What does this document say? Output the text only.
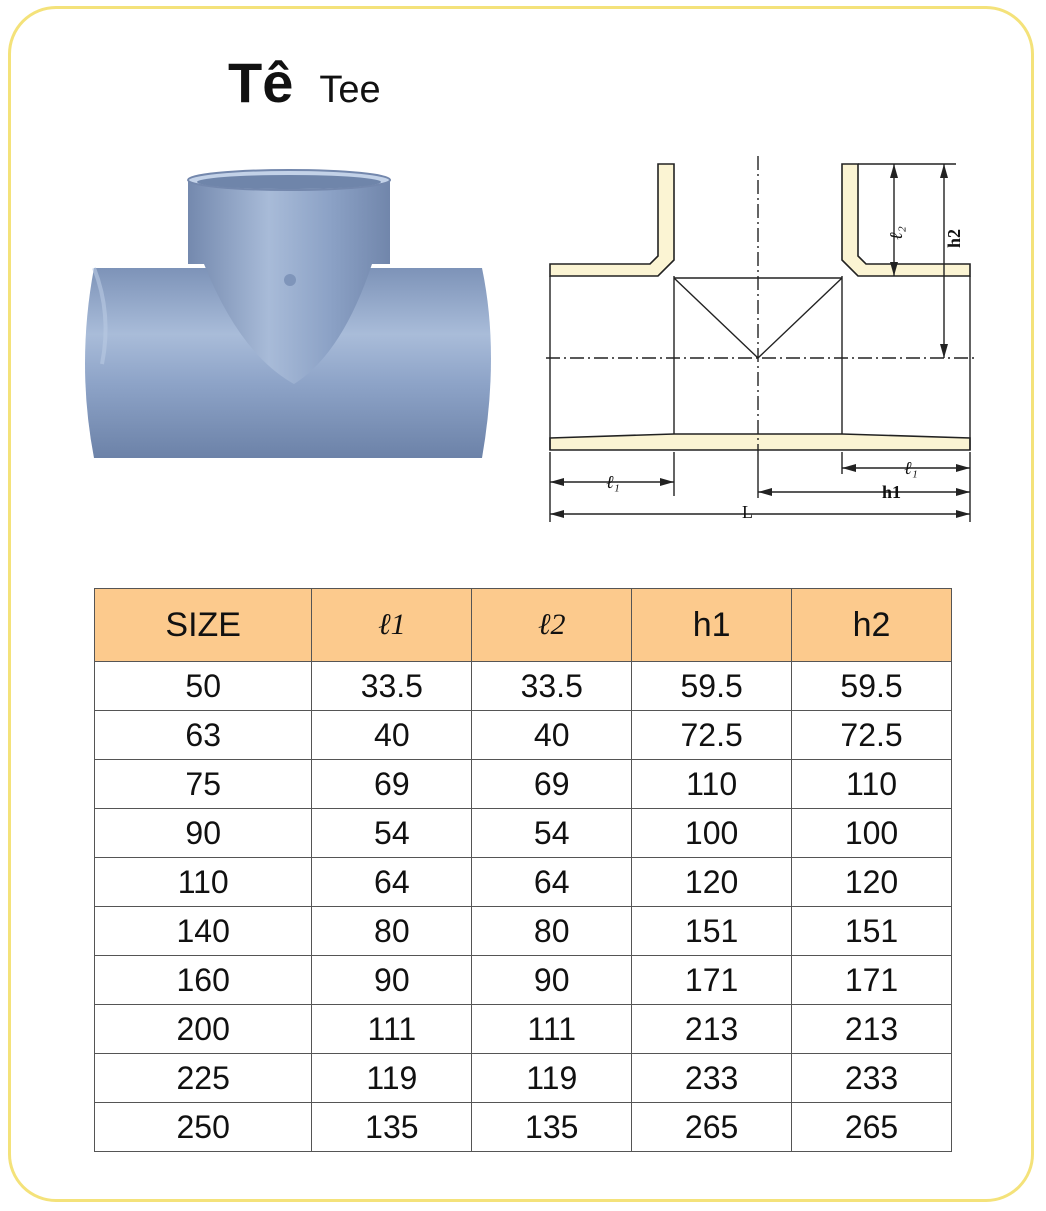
Tê Tee
ℓ₁
ℓ₁
ℓ₂
h1
h2
L
SIZE	ℓ1	ℓ2	h1	h2
50	33.5	33.5	59.5	59.5
63	40	40	72.5	72.5
75	69	69	110	110
90	54	54	100	100
110	64	64	120	120
140	80	80	151	151
160	90	90	171	171
200	111	111	213	213
225	119	119	233	233
250	135	135	265	265
